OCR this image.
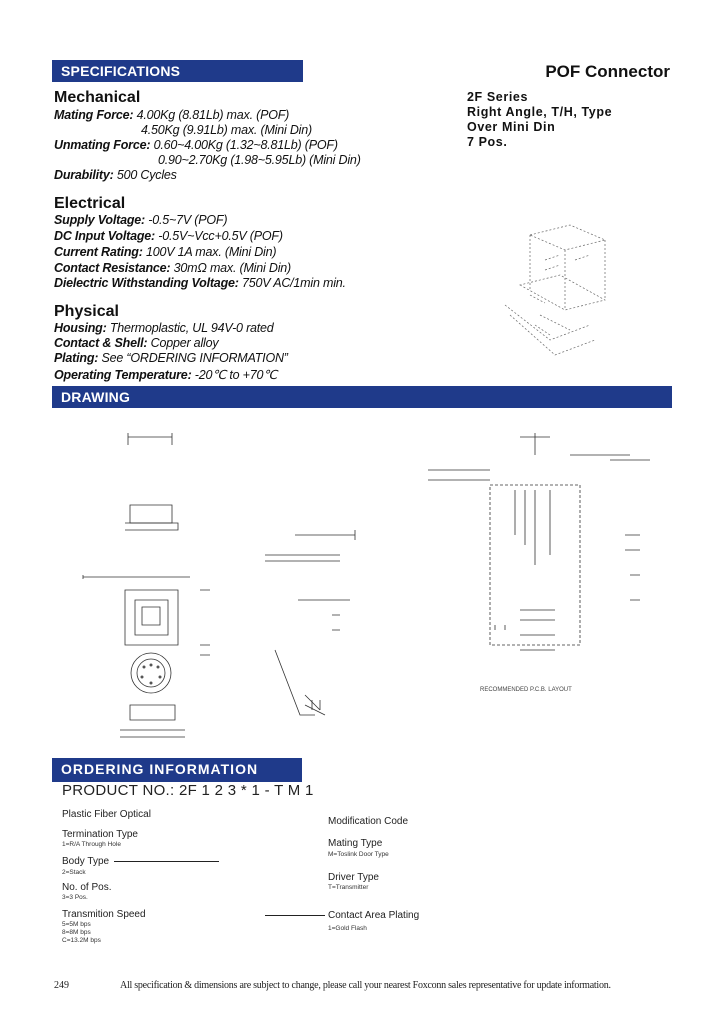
SPECIFICATIONS	POF Connector
2F Series
Right Angle, T/H, Type
Over Mini Din
7 Pos.
Mechanical
Mating Force: 4.00Kg (8.81Lb) max. (POF)
4.50Kg (9.91Lb) max. (Mini Din)
Unmating Force: 0.60~4.00Kg (1.32~8.81Lb) (POF)
0.90~2.70Kg (1.98~5.95Lb) (Mini Din)
Durability: 500 Cycles
Electrical
Supply Voltage: -0.5~7V (POF)
DC Input Voltage: -0.5V~Vcc+0.5V (POF)
Current Rating: 100V 1A max. (Mini Din)
Contact Resistance: 30mΩ max. (Mini Din)
Dielectric Withstanding Voltage: 750V AC/1min min.
Physical
Housing: Thermoplastic, UL 94V-0 rated
Contact & Shell: Copper alloy
Plating: See “ORDERING INFORMATION”
Operating Temperature: -20℃ to +70℃
DRAWING
RECOMMENDED P.C.B. LAYOUT
ORDERING INFORMATION
PRODUCT NO.: 2F 1 2 3 * 1 - T M 1
Plastic Fiber Optical
Termination Type
1=R/A Through Hole
Body Type
2=Stack
No. of Pos.
3=3 Pos.
Transmition Speed
5=5M bps
8=8M bps
C=13.2M bps
Modification Code
Mating Type
M=Toslink Door Type
Driver Type
T=Transmitter
Contact Area Plating
1=Gold Flash
249	All specification & dimensions are subject to change, please call your nearest Foxconn sales representative for update information.
